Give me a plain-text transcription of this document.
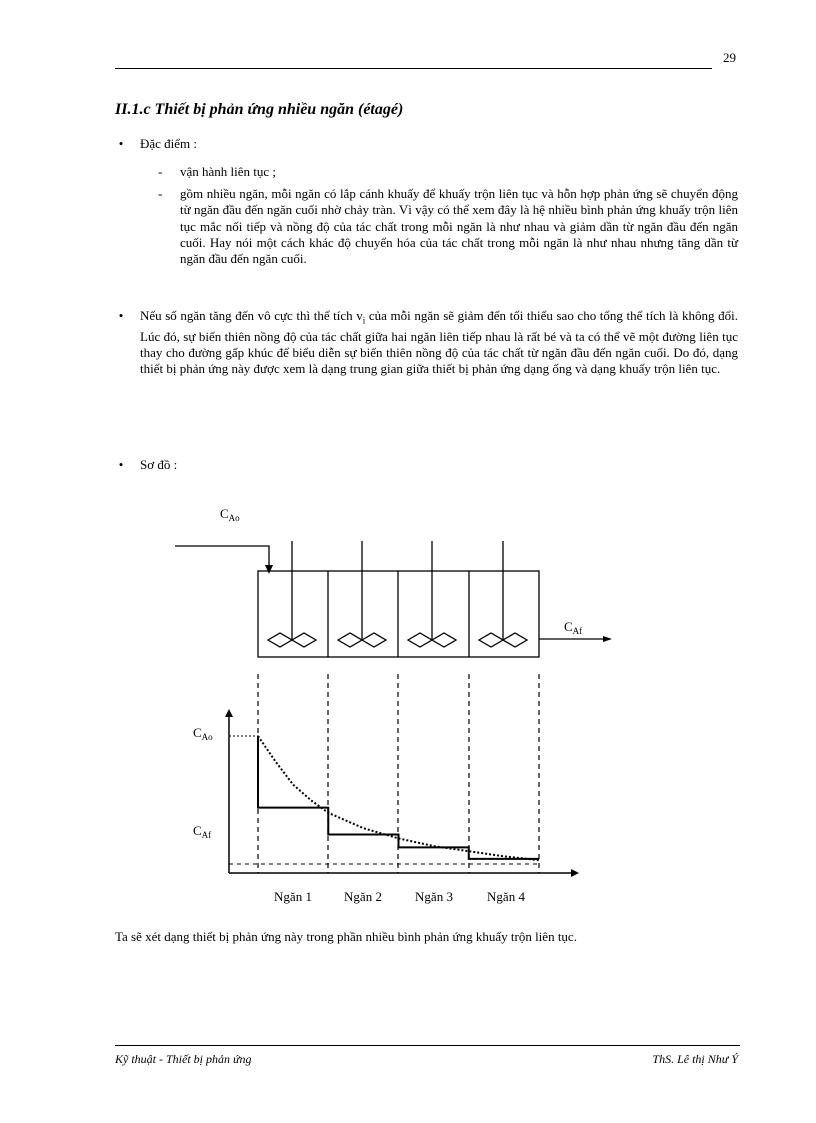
29
II.1.c Thiết bị phản ứng nhiều ngăn (étagé)
• Đặc điểm :
- vận hành liên tục ;
- gồm nhiều ngăn, mỗi ngăn có lắp cánh khuấy để khuấy trộn liên tục và hỗn hợp phản ứng sẽ chuyển động từ ngăn đầu đến ngăn cuối nhờ chảy tràn. Vì vậy có thể xem đây là hệ nhiều bình phản ứng khuấy trộn liên tục mắc nối tiếp và nồng độ của tác chất trong mỗi ngăn là như nhau và giảm dần từ ngăn đầu đến ngăn cuối. Hay nói một cách khác độ chuyển hóa của tác chất trong mỗi ngăn là như nhau nhưng tăng dần từ ngăn đầu đến ngăn cuối.
• Nếu số ngăn tăng đến vô cực thì thể tích $v_i$ của mỗi ngăn sẽ giảm đến tối thiểu sao cho tổng thể tích là không đổi. Lúc đó, sự biến thiên nồng độ của tác chất giữa hai ngăn liên tiếp nhau là rất bé và ta có thể vẽ một đường liên tục thay cho đường gấp khúc để biểu diễn sự biến thiên nồng độ của tác chất từ ngăn đầu đến ngăn cuối. Do đó, dạng thiết bị phản ứng này được xem là dạng trung gian giữa thiết bị phản ứng dạng ống và dạng khuấy trộn liên tục.
• Sơ đồ :
$C_{Ao}$
$C_{Af}$
$C_{Ao}$
$C_{Af}$
Ngăn 1 Ngăn 2	Ngăn 3	Ngăn 4
Ta sẽ xét dạng thiết bị phản ứng này trong phần nhiều bình phản ứng khuấy trộn liên tục.
Kỹ thuật - Thiết bị phản ứng	ThS. Lê thị Như Ý
